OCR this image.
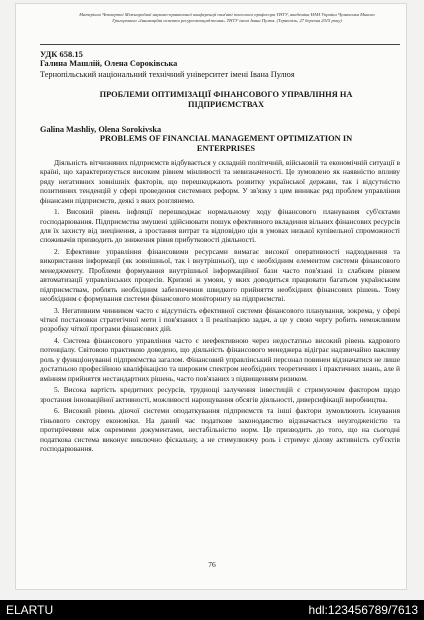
Матеріали Четвертої Міжнародної науково-практичної конференції пам'яті почесного професора ТНТУ, академіка НАН України Чумаченка Миколи Григоровича «Інноваційні аспекти ресурсозаощадження» ТНТУ імені Івана Пулюя. (Тернопіль, 27 березня 2015 року)
УДК 658.15
Галина Машлій, Олена Сороківська
Тернопільський національний технічний університет імені Івана Пулюя
ПРОБЛЕМИ ОПТИМІЗАЦІЇ ФІНАНСОВОГО УПРАВЛІННЯ НА ПІДПРИЄМСТВАХ
Galina Mashliy, Olena Sorokivska
PROBLEMS OF FINANCIAL MANAGEMENT OPTIMIZATION IN ENTERPRISES

Діяльність вітчизняних підприємств відбувається у складній політичній, військовій та економічній ситуації в країні, що характеризується високим рівнем мінливості та невизначеності. Це зумовлено як наявністю впливу ряду негативних зовнішніх факторів, що перешкоджають розвитку української держави, так і відсутністю позитивних тенденцій у сфері проведення системних реформ. У зв'язку з цим виникає ряд проблем управління фінансами підприємств, деякі з яких розглянемо.

1. Високий рівень інфляції перешкоджає нормальному ходу фінансового планування суб'єктами господарювання. Підприємства змушені здійснювати пошук ефективного вкладення вільних фінансових ресурсів для їх захисту від знецінення, а зростання витрат та відповідно цін в умовах низької купівельної спроможності споживачів призводить до зниження рівня прибутковості діяльності.

2. Ефективне управління фінансовими ресурсами вимагає високої оперативності надходження та використання інформації (як зовнішньої, так і внутрішньої), що є необхідним елементом системи фінансового менеджменту. Проблеми формування внутрішньої інформаційної бази часто пов'язані із слабким рівнем автоматизації управлінських процесів. Кризові ж умови, у яких доводиться працювати багатьом українським підприємствам, роблять необхідним забезпечення швидкого прийняття необхідних фінансових рішень. Тому необхідним є формування системи фінансового моніторингу на підприємстві.

3. Негативним чинником часто є відсутність ефективної системи фінансового планування, зокрема, у сфері чіткої постановки стратегічної мети і пов'язаних з її реалізацією задач, а це у свою чергу робить неможливим розробку чіткої програми фінансових дій.

4. Система фінансового управління часто є неефективною через недостатньо високий рівень кадрового потенціалу. Світовою практикою доведено, що діяльність фінансового менеджера відіграє надзвичайно важливу роль у функціонуванні підприємства загалом. Фінансовий управлінський персонал повинен відзначатися не лише достатньою професійною кваліфікацією та широким спектром необхідних теоретичних і практичних знань, але й вмінням прийняття нестандартних рішень, часто пов'язаних з підвищенням ризиком.

5. Висока вартість кредитних ресурсів, труднощі залучення інвестицій є стримуючим фактором щодо зростання інноваційної активності, можливості нарощування обсягів діяльності, диверсифікації виробництва.

6. Високий рівень діючої системи оподаткування підприємств та інші фактори зумовлюють існування тіньового сектору економіки. На даний час податкове законодавство відзначається неузгодженістю та протиріччями між окремими документами, нестабільністю норм. Це призводить до того, що на сьогодні податкова система виконує виключно фіскальну, а не стимулюючу роль і стримує ділову активність суб'єктів господарювання.

76
ELARTU	hdl:123456789/7613
